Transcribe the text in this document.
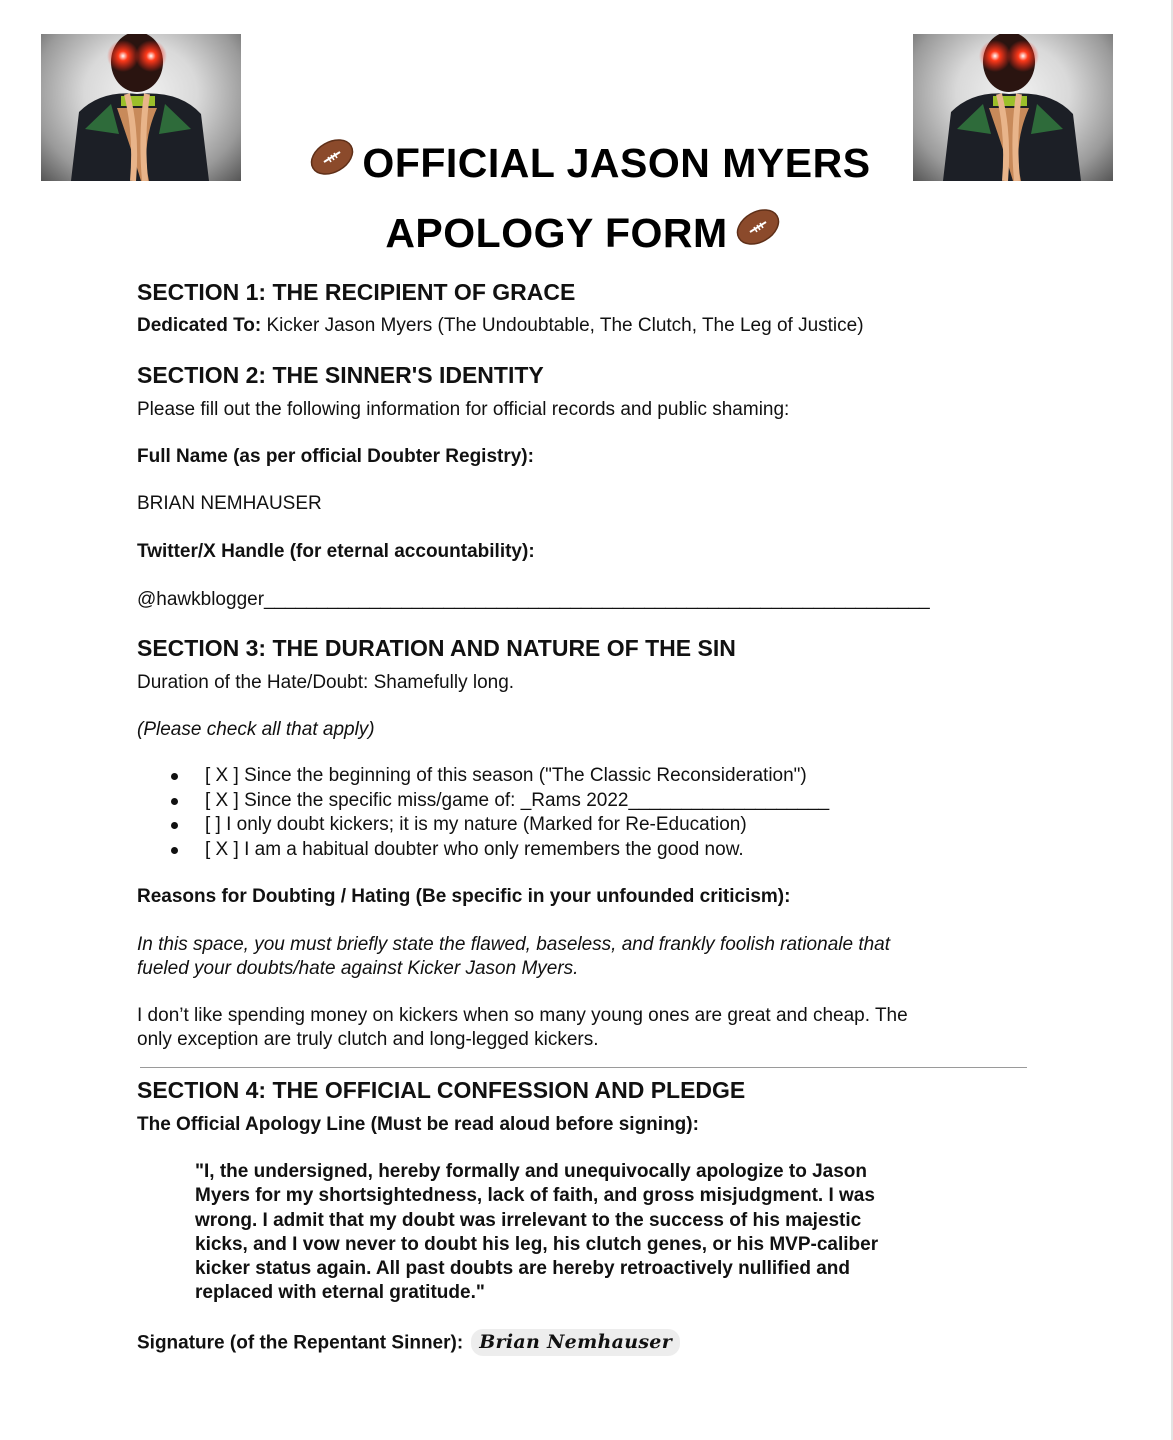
OFFICIAL JASON MYERS
APOLOGY FORM
SECTION 1: THE RECIPIENT OF GRACE
Dedicated To: Kicker Jason Myers (The Undoubtable, The Clutch, The Leg of Justice)
SECTION 2: THE SINNER'S IDENTITY
Please fill out the following information for official records and public shaming:
Full Name (as per official Doubter Registry):
BRIAN NEMHAUSER
Twitter/X Handle (for eternal accountability):
@hawkblogger_______________________________________________________________
SECTION 3: THE DURATION AND NATURE OF THE SIN
Duration of the Hate/Doubt: Shamefully long.
(Please check all that apply)
[ X ] Since the beginning of this season ("The Classic Reconsideration")
[ X ] Since the specific miss/game of: _Rams 2022___________________
[ ] I only doubt kickers; it is my nature (Marked for Re-Education)
[ X ] I am a habitual doubter who only remembers the good now.
Reasons for Doubting / Hating (Be specific in your unfounded criticism):
In this space, you must briefly state the flawed, baseless, and frankly foolish rationale that
fueled your doubts/hate against Kicker Jason Myers.
I don’t like spending money on kickers when so many young ones are great and cheap. The
only exception are truly clutch and long-legged kickers.
SECTION 4: THE OFFICIAL CONFESSION AND PLEDGE
The Official Apology Line (Must be read aloud before signing):
Signature (of the Repentant Sinner): Brian Nemhauser
"I, the undersigned, hereby formally and unequivocally apologize to Jason
Myers for my shortsightedness, lack of faith, and gross misjudgment. I was
wrong. I admit that my doubt was irrelevant to the success of his majestic
kicks, and I vow never to doubt his leg, his clutch genes, or his MVP-caliber
kicker status again. All past doubts are hereby retroactively nullified and
replaced with eternal gratitude."
